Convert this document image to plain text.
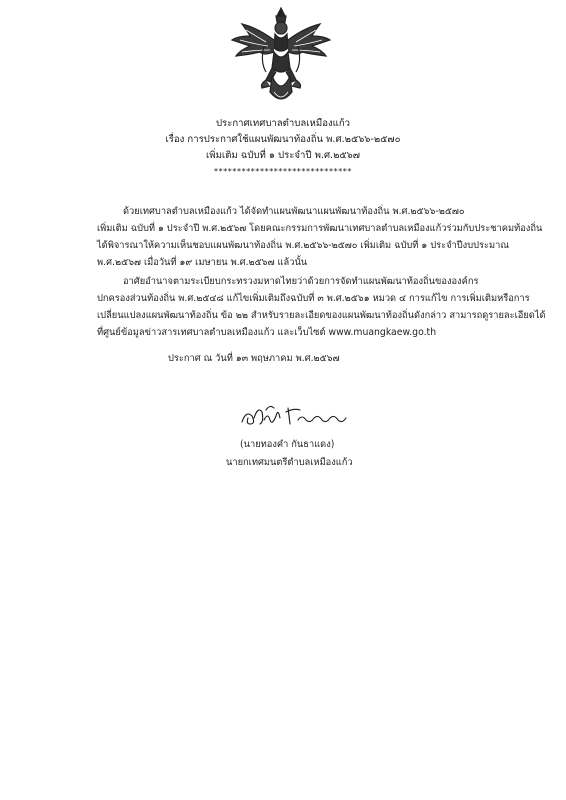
ประกาศเทศบาลตำบลเหมืองแก้ว
เรื่อง การประกาศใช้แผนพัฒนาท้องถิ่น พ.ศ.๒๕๖๖-๒๕๗๐
เพิ่มเติม ฉบับที่ ๑ ประจำปี พ.ศ.๒๕๖๗
******************************
ด้วยเทศบาลตำบลเหมืองแก้ว ได้จัดทำแผนพัฒนาแผนพัฒนาท้องถิ่น พ.ศ.๒๕๖๖-๒๕๗๐
เพิ่มเติม ฉบับที่ ๑ ประจำปี พ.ศ.๒๕๖๗ โดยคณะกรรมการพัฒนาเทศบาลตำบลเหมืองแก้วร่วมกับประชาคมท้องถิ่น
ได้พิจารณาให้ความเห็นชอบแผนพัฒนาท้องถิ่น พ.ศ.๒๕๖๖-๒๕๗๐ เพิ่มเติม ฉบับที่ ๑ ประจำปีงบประมาณ
พ.ศ.๒๕๖๗ เมื่อวันที่ ๑๙ เมษายน พ.ศ.๒๕๖๗ แล้วนั้น
อาศัยอำนาจตามระเบียบกระทรวงมหาดไทยว่าด้วยการจัดทำแผนพัฒนาท้องถิ่นขององค์กร
ปกครองส่วนท้องถิ่น พ.ศ.๒๕๔๘ แก้ไขเพิ่มเติมถึงฉบับที่ ๓ พ.ศ.๒๕๖๑ หมวด ๔ การแก้ไข การเพิ่มเติมหรือการ
เปลี่ยนแปลงแผนพัฒนาท้องถิ่น ข้อ ๒๒ สำหรับรายละเอียดของแผนพัฒนาท้องถิ่นดังกล่าว สามารถดูรายละเอียดได้
ที่ศูนย์ข้อมูลข่าวสารเทศบาลตำบลเหมืองแก้ว และเว็บไซต์ www.muangkaew.go.th
ประกาศ ณ วันที่ ๑๓ พฤษภาคม พ.ศ.๒๕๖๗
(นายทองคำ กันธาแดง)
นายกเทศมนตรีตำบลเหมืองแก้ว
